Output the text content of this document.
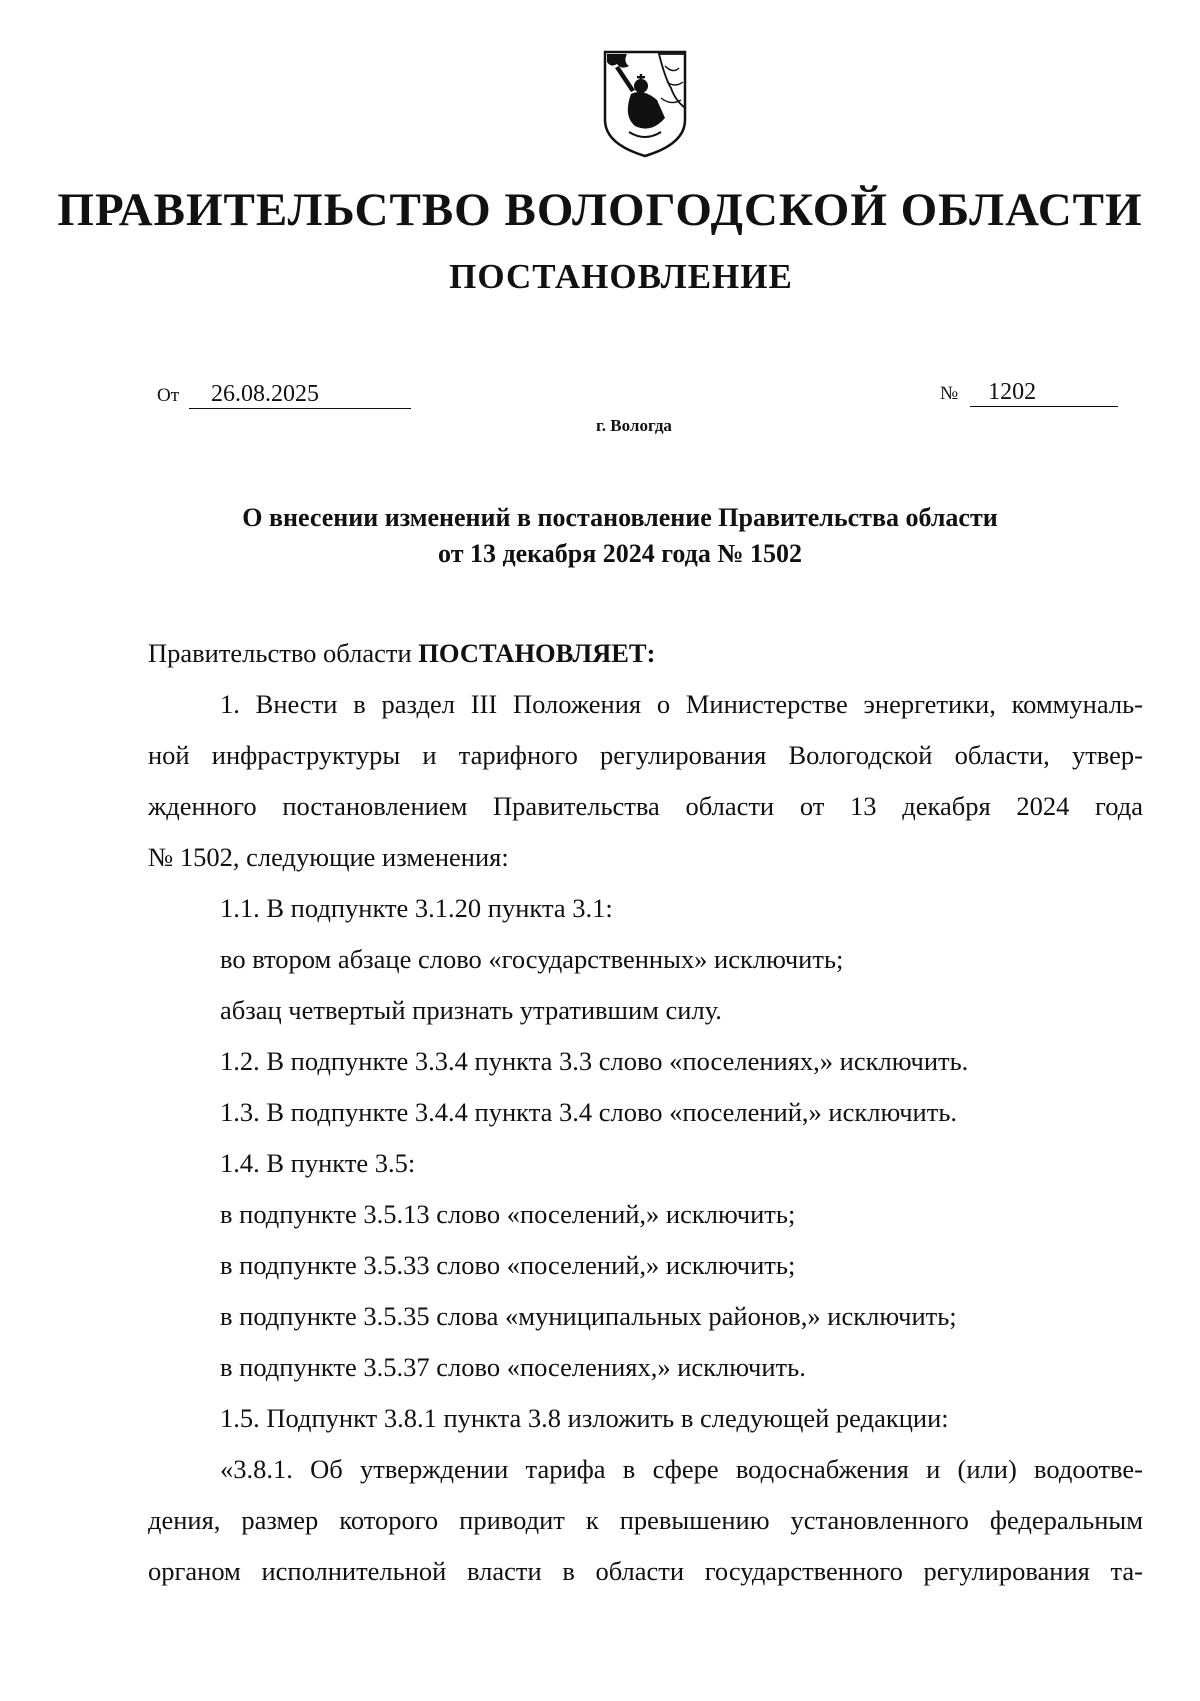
ПРАВИТЕЛЬСТВО ВОЛОГОДСКОЙ ОБЛАСТИ
ПОСТАНОВЛЕНИЕ
От 26.08.2025	№ 1202
г. Вологда
О внесении изменений в постановление Правительства области
от 13 декабря 2024 года № 1502

Правительство области ПОСТАНОВЛЯЕТ:

1. Внести в раздел III Положения о Министерстве энергетики, коммуналь-

ной инфраструктуры и тарифного регулирования Вологодской области, утвер-

жденного постановлением Правительства области от 13 декабря 2024 года

№ 1502, следующие изменения:

1.1. В подпункте 3.1.20 пункта 3.1:

во втором абзаце слово «государственных» исключить;

абзац четвертый признать утратившим силу.

1.2. В подпункте 3.3.4 пункта 3.3 слово «поселениях,» исключить.

1.3. В подпункте 3.4.4 пункта 3.4 слово «поселений,» исключить.

1.4. В пункте 3.5:

в подпункте 3.5.13 слово «поселений,» исключить;

в подпункте 3.5.33 слово «поселений,» исключить;

в подпункте 3.5.35 слова «муниципальных районов,» исключить;

в подпункте 3.5.37 слово «поселениях,» исключить.

1.5. Подпункт 3.8.1 пункта 3.8 изложить в следующей редакции:

«3.8.1. Об утверждении тарифа в сфере водоснабжения и (или) водоотве-

дения, размер которого приводит к превышению установленного федеральным

органом исполнительной власти в области государственного регулирования та-
